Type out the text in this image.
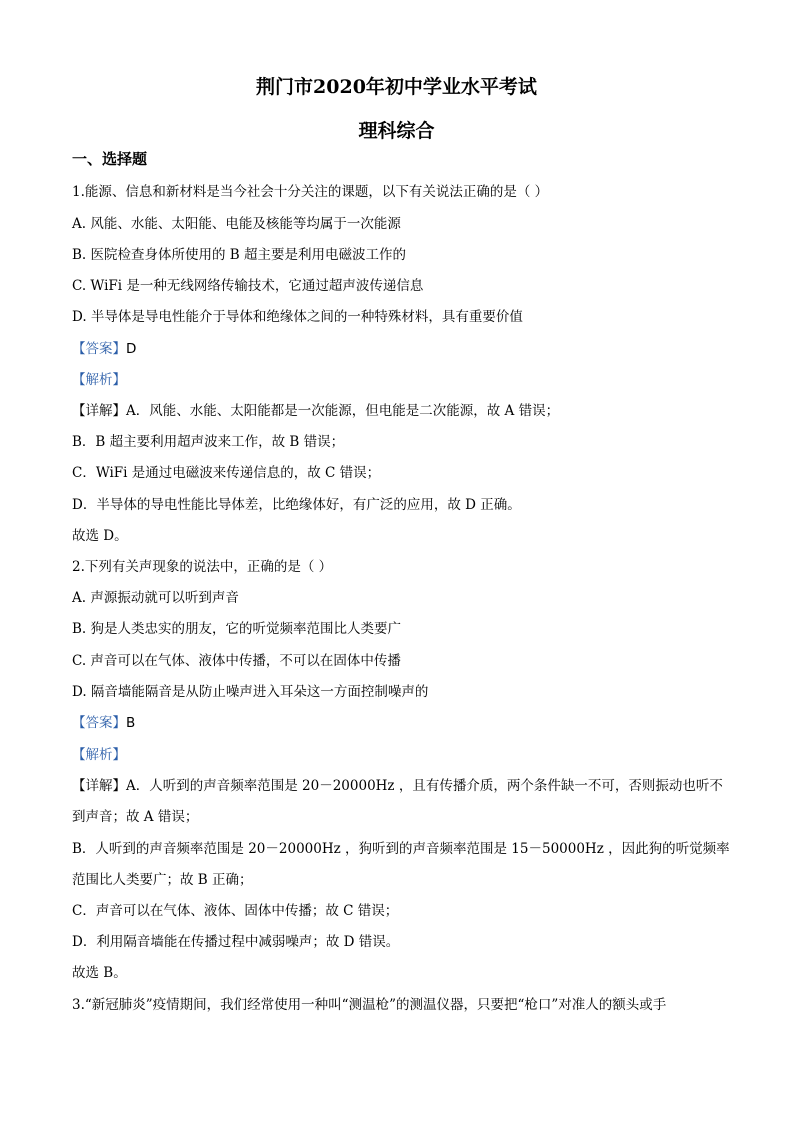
荆门市2020年初中学业水平考试
理科综合
一、选择题
1.能源、信息和新材料是当今社会十分关注的课题，以下有关说法正确的是（ ）
A. 风能、水能、太阳能、电能及核能等均属于一次能源
B. 医院检查身体所使用的 B 超主要是利用电磁波工作的
C. WiFi 是一种无线网络传输技术，它通过超声波传递信息
D. 半导体是导电性能介于导体和绝缘体之间的一种特殊材料，具有重要价值
【答案】D
【解析】
【详解】A．风能、水能、太阳能都是一次能源，但电能是二次能源，故 A 错误；
B．B 超主要利用超声波来工作，故 B 错误；
C．WiFi 是通过电磁波来传递信息的，故 C 错误；
D．半导体的导电性能比导体差，比绝缘体好，有广泛的应用，故 D 正确。
故选 D。
2.下列有关声现象的说法中，正确的是（ ）
A. 声源振动就可以听到声音
B. 狗是人类忠实的朋友，它的听觉频率范围比人类要广
C. 声音可以在气体、液体中传播，不可以在固体中传播
D. 隔音墙能隔音是从防止噪声进入耳朵这一方面控制噪声的
【答案】B
【解析】
【详解】A．人听到的声音频率范围是 20－20000Hz ，且有传播介质，两个条件缺一不可，否则振动也听不
到声音；故 A 错误；
B．人听到的声音频率范围是 20－20000Hz ，狗听到的声音频率范围是 15－50000Hz ，因此狗的听觉频率
范围比人类要广；故 B 正确；
C．声音可以在气体、液体、固体中传播；故 C 错误；
D．利用隔音墙能在传播过程中减弱噪声；故 D 错误。
故选 B。
3.“新冠肺炎”疫情期间，我们经常使用一种叫“测温枪”的测温仪器，只要把“枪口”对准人的额头或手
